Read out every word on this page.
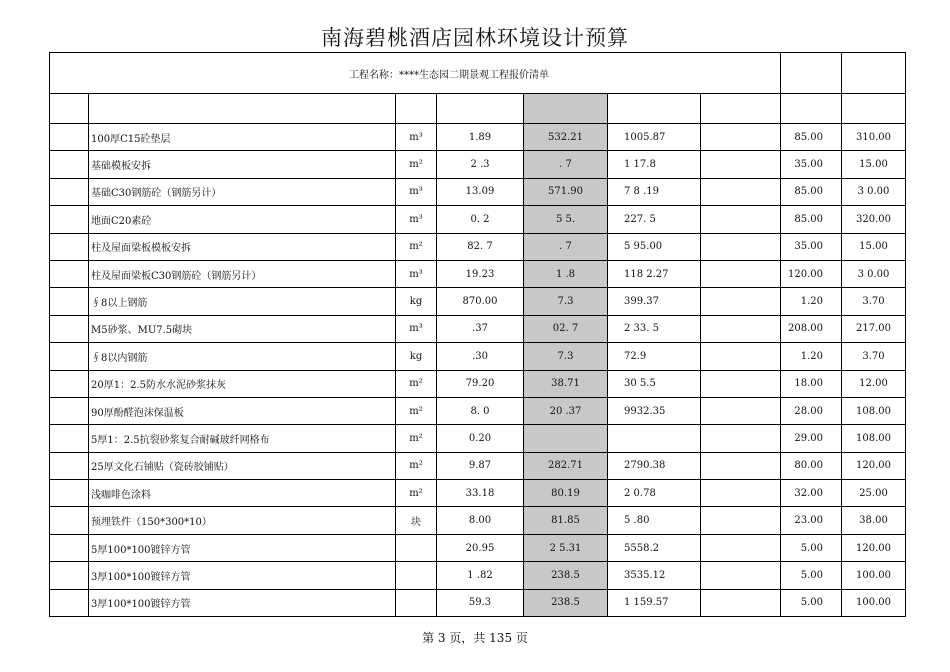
南海碧桃酒店园林环境设计预算
工程名称：****生态园二期景观工程报价清单								

	100厚C15砼垫层	m³	1.89	532.21	1005.87		85.00	310.00
	基础模板安拆	m²	2 .3	. 7	1 17.8		35.00	15.00
	基础C30钢筋砼（钢筋另计）	m³	13.09	571.90	7 8 .19		85.00	3 0.00
	地面C20素砼	m³	0. 2	5 5.	227. 5		85.00	320.00
	柱及屋面梁板模板安拆	m²	82. 7	. 7	5 95.00		35.00	15.00
	柱及屋面梁板C30钢筋砼（钢筋另计）	m³	19.23	1 .8	118 2.27		120.00	3 0.00
	∮8以上钢筋	kg	870.00	7.3	399.37		1.20	3.70
	M5砂浆、MU7.5砌块	m³	.37	02. 7	2 33. 5		208.00	217.00
	∮8以内钢筋	kg	.30	7.3	72.9		1.20	3.70
	20厚1：2.5防水水泥砂浆抹灰	m²	79.20	38.71	30 5.5		18.00	12.00
	90厚酚醛泡沫保温板	m²	8. 0	20 .37	9932.35		28.00	108.00
	5厚1：2.5抗裂砂浆复合耐碱玻纤网格布	m²	0.20				29.00	108.00
	25厚文化石铺贴（瓷砖胶铺贴）	m²	9.87	282.71	2790.38		80.00	120.00
	浅咖啡色涂料	m²	33.18	80.19	2 0.78		32.00	25.00
	预埋铁件（150*300*10）	块	8.00	81.85	5 .80		23.00	38.00
	5厚100*100镀锌方管		20.95	2 5.31	5558.2		5.00	120.00
	3厚100*100镀锌方管		1 .82	238.5	3535.12		5.00	100.00
	3厚100*100镀锌方管		59.3	238.5	1 159.57		5.00	100.00
第 3 页，共 135 页
